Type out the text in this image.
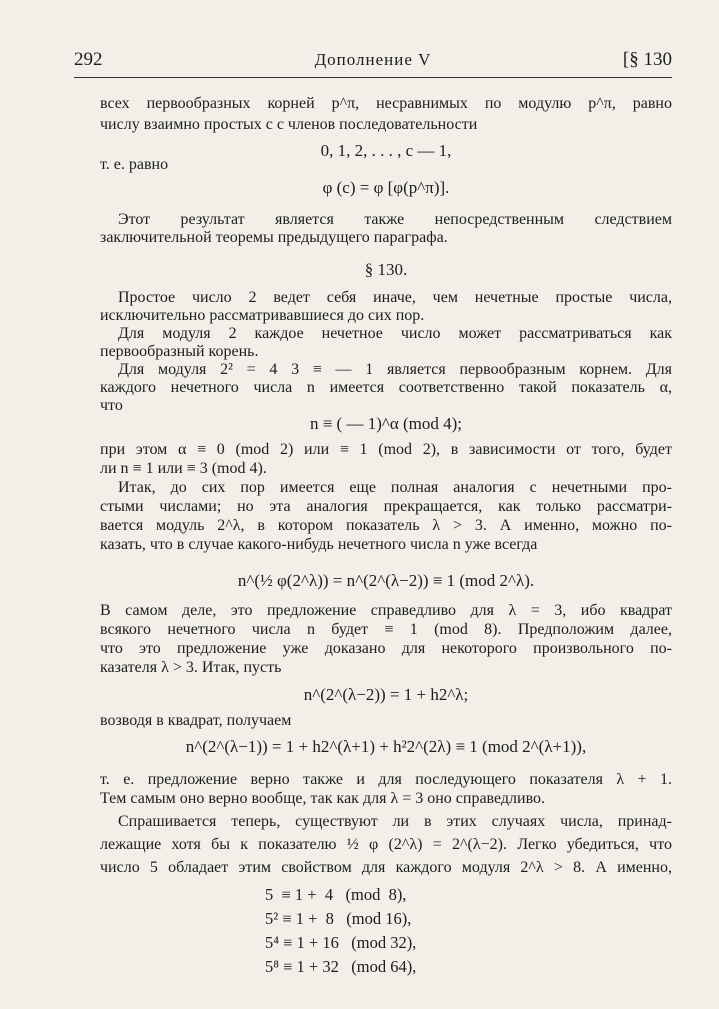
292	Дополнение V	[§ 130
всех первообразных корней p^π, несравнимых по модулю p^π, равно
числу взаимно простых с c членов последовательности
0, 1, 2, . . . , c — 1,
т. е. равно
φ (c) = φ [φ(p^π)].
Этот результат является также непосредственным следствием
заключительной теоремы предыдущего параграфа.
§ 130.
Простое число 2 ведет себя иначе, чем нечетные простые числа,
исключительно рассматривавшиеся до сих пор.
Для модуля 2 каждое нечетное число может рассматриваться как
первообразный корень.
Для модуля 2² = 4 3 ≡ — 1 является первообразным корнем. Для
каждого нечетного числа n имеется соответственно такой показатель α,
что
n ≡ ( — 1)^α (mod 4);
при этом α ≡ 0 (mod 2) или ≡ 1 (mod 2), в зависимости от того, будет
ли n ≡ 1 или ≡ 3 (mod 4).
Итак, до сих пор имеется еще полная аналогия с нечетными про-
стыми числами; но эта аналогия прекращается, как только рассматри-
вается модуль 2^λ, в котором показатель λ > 3. А именно, можно по-
казать, что в случае какого-нибудь нечетного числа n уже всегда
n^(½ φ(2^λ)) = n^(2^(λ−2)) ≡ 1 (mod 2^λ).
В самом деле, это предложение справедливо для λ = 3, ибо квадрат
всякого нечетного числа n будет ≡ 1 (mod 8). Предположим далее,
что это предложение уже доказано для некоторого произвольного по-
казателя λ > 3. Итак, пусть
n^(2^(λ−2)) = 1 + h2^λ;
возводя в квадрат, получаем
n^(2^(λ−1)) = 1 + h2^(λ+1) + h²2^(2λ) ≡ 1 (mod 2^(λ+1)),
т. е. предложение верно также и для последующего показателя λ + 1.
Тем самым оно верно вообще, так как для λ = 3 оно справедливо.
Спрашивается теперь, существуют ли в этих случаях числа, принад-
лежащие хотя бы к показателю ½ φ (2^λ) = 2^(λ−2). Легко убедиться, что
число 5 обладает этим свойством для каждого модуля 2^λ > 8. А именно,
5  ≡ 1 +  4   (mod  8),
5² ≡ 1 +  8   (mod 16),
5⁴ ≡ 1 + 16   (mod 32),
5⁸ ≡ 1 + 32   (mod 64),
